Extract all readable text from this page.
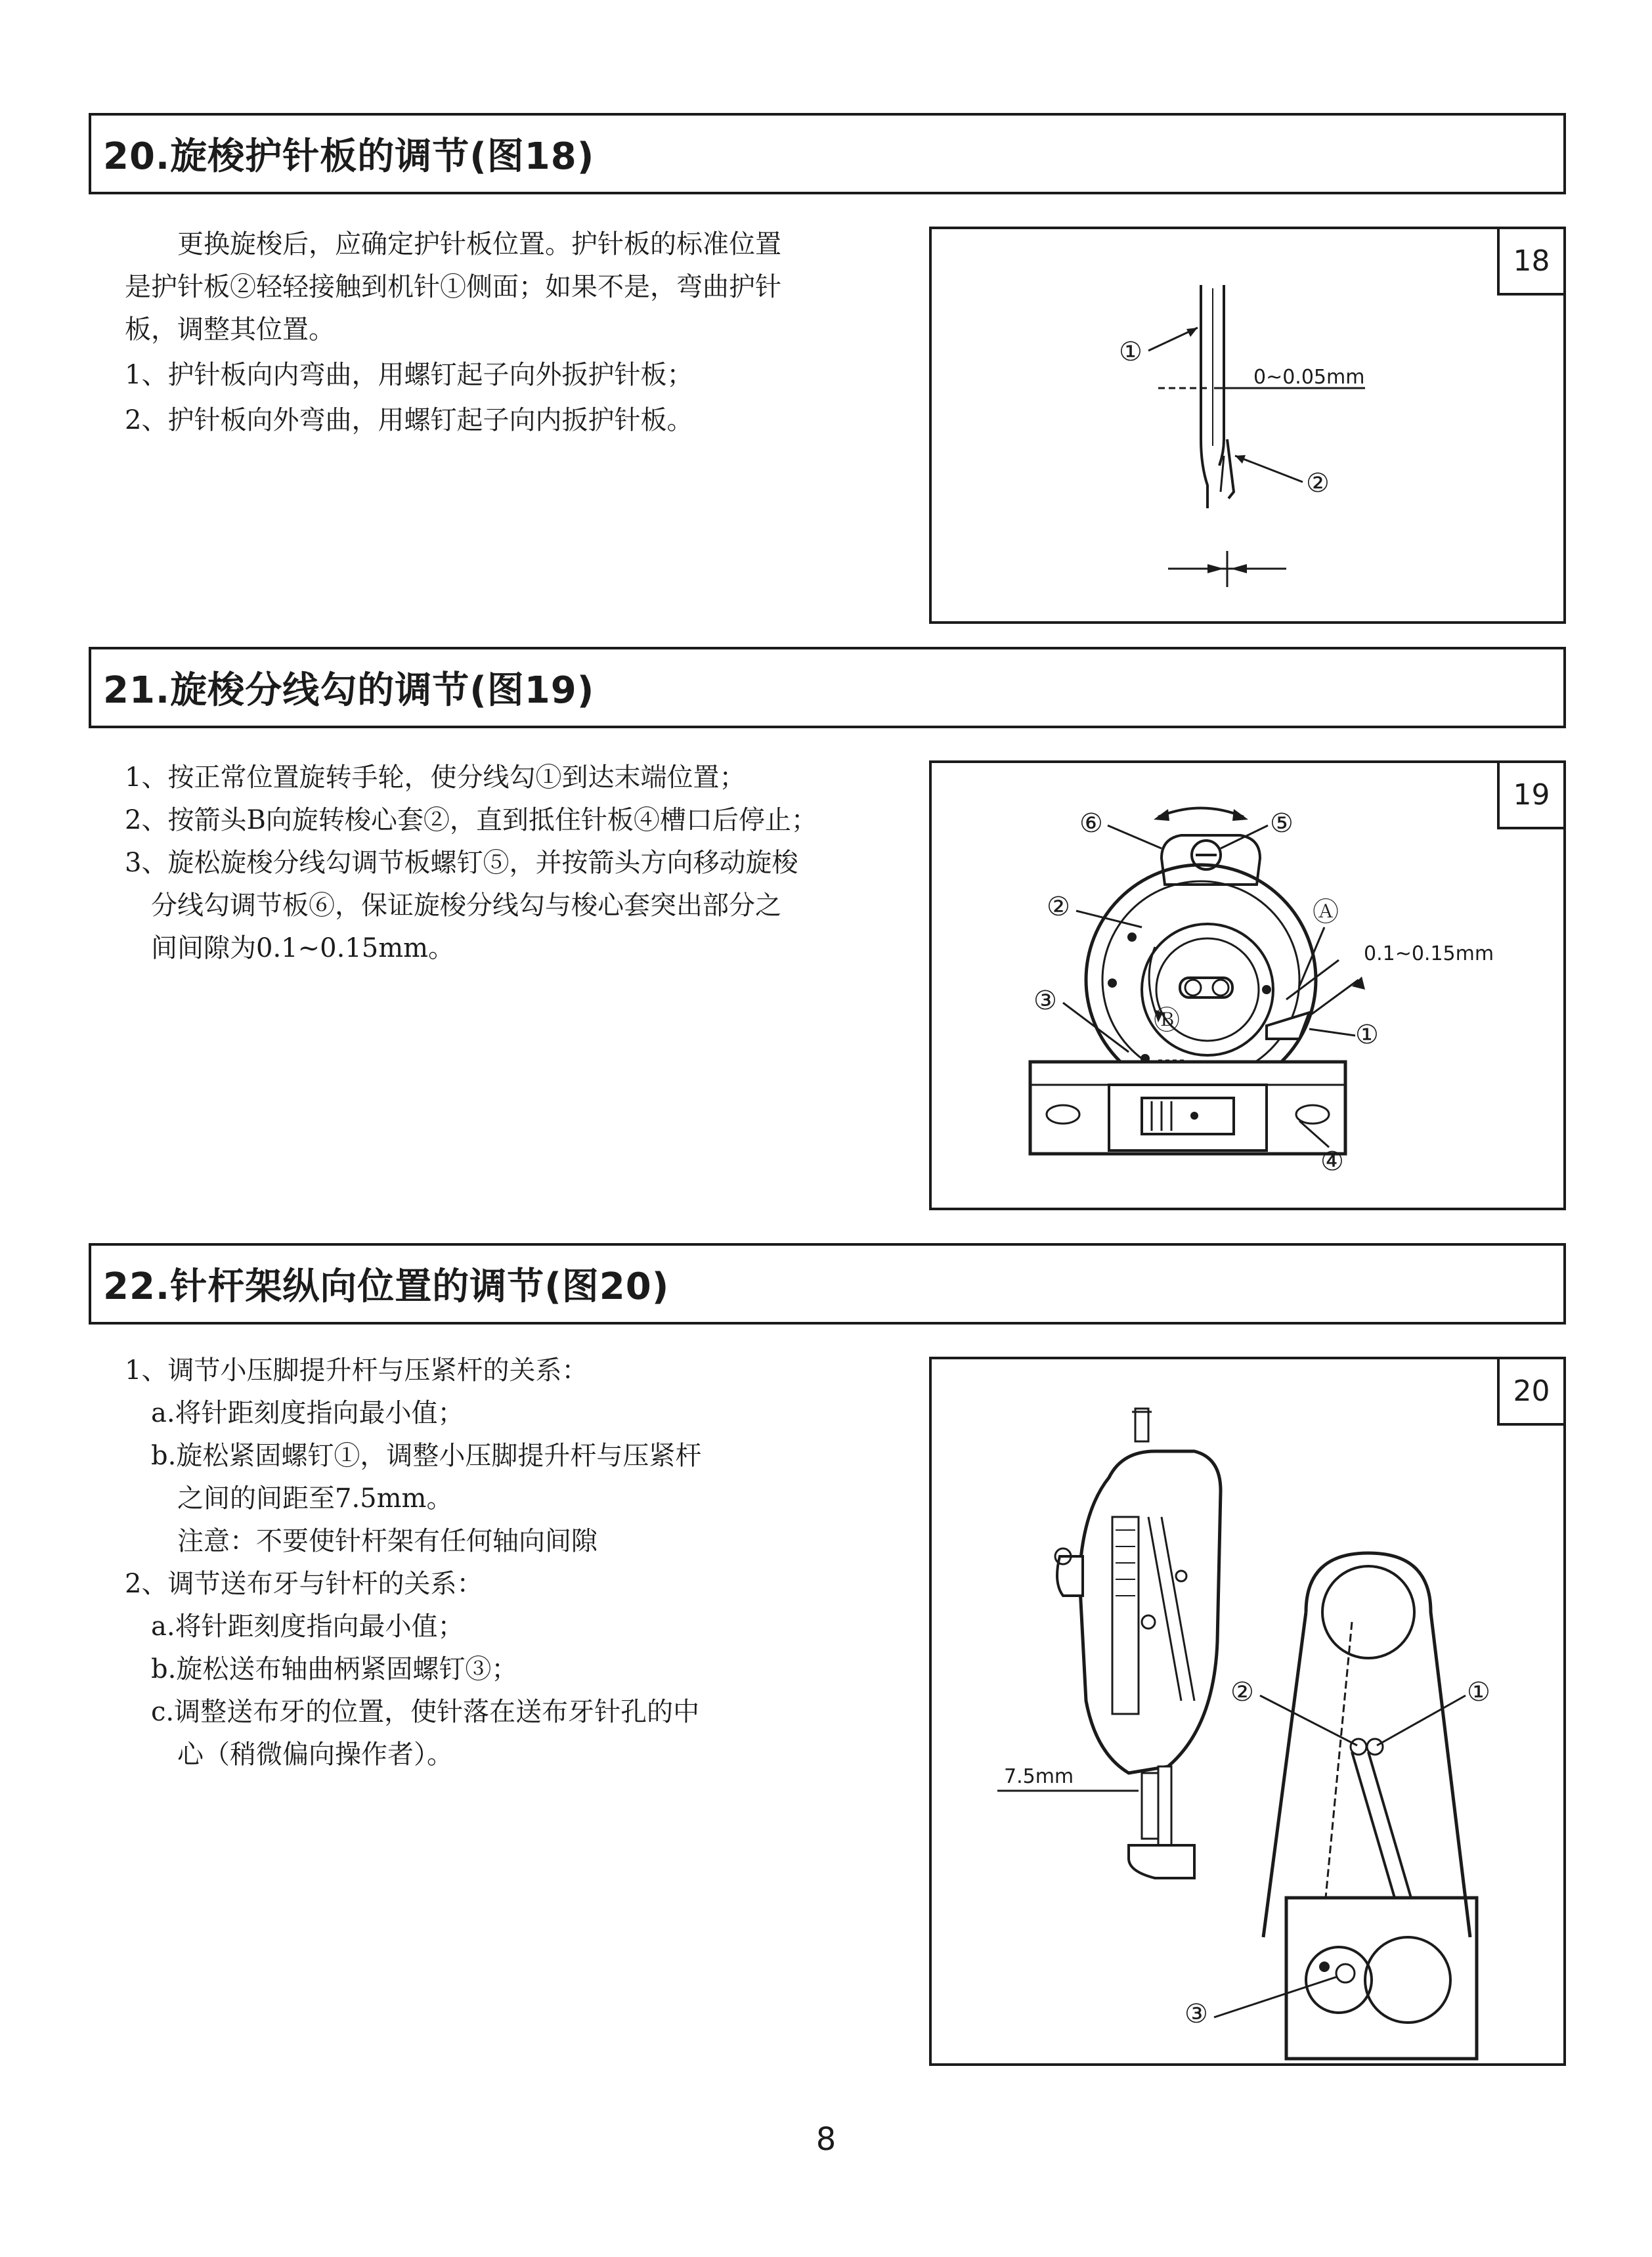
20.旋梭护针板的调节(图18)

　　更换旋梭后，应确定护针板位置。护针板的标准位置

是护针板②轻轻接触到机针①侧面；如果不是，弯曲护针

板，调整其位置。

1、护针板向内弯曲，用螺钉起子向外扳护针板；

2、护针板向外弯曲，用螺钉起子向内扳护针板。

①
0~0.05mm
②
18
21.旋梭分线勾的调节(图19)

1、按正常位置旋转手轮，使分线勾①到达末端位置；

2、按箭头B向旋转梭心套②，直到抵住针板④槽口后停止；

3、旋松旋梭分线勾调节板螺钉⑤，并按箭头方向移动旋梭

　分线勾调节板⑥，保证旋梭分线勾与梭心套突出部分之

　间间隙为0.1~0.15mm。	0.1~0.15mm
⑥	⑤
②	Ⓐ
③
Ⓑ	①
④
19
22.针杆架纵向位置的调节(图20)

1、调节小压脚提升杆与压紧杆的关系：

　a.将针距刻度指向最小值；

　b.旋松紧固螺钉①，调整小压脚提升杆与压紧杆

　　之间的间距至7.5mm。

　　注意：不要使针杆架有任何轴向间隙

2、调节送布牙与针杆的关系：

　a.将针距刻度指向最小值；

　b.旋松送布轴曲柄紧固螺钉③；

　c.调整送布牙的位置，使针落在送布牙针孔的中

　　心（稍微偏向操作者）。

7.5mm
②	①
③
20
8
